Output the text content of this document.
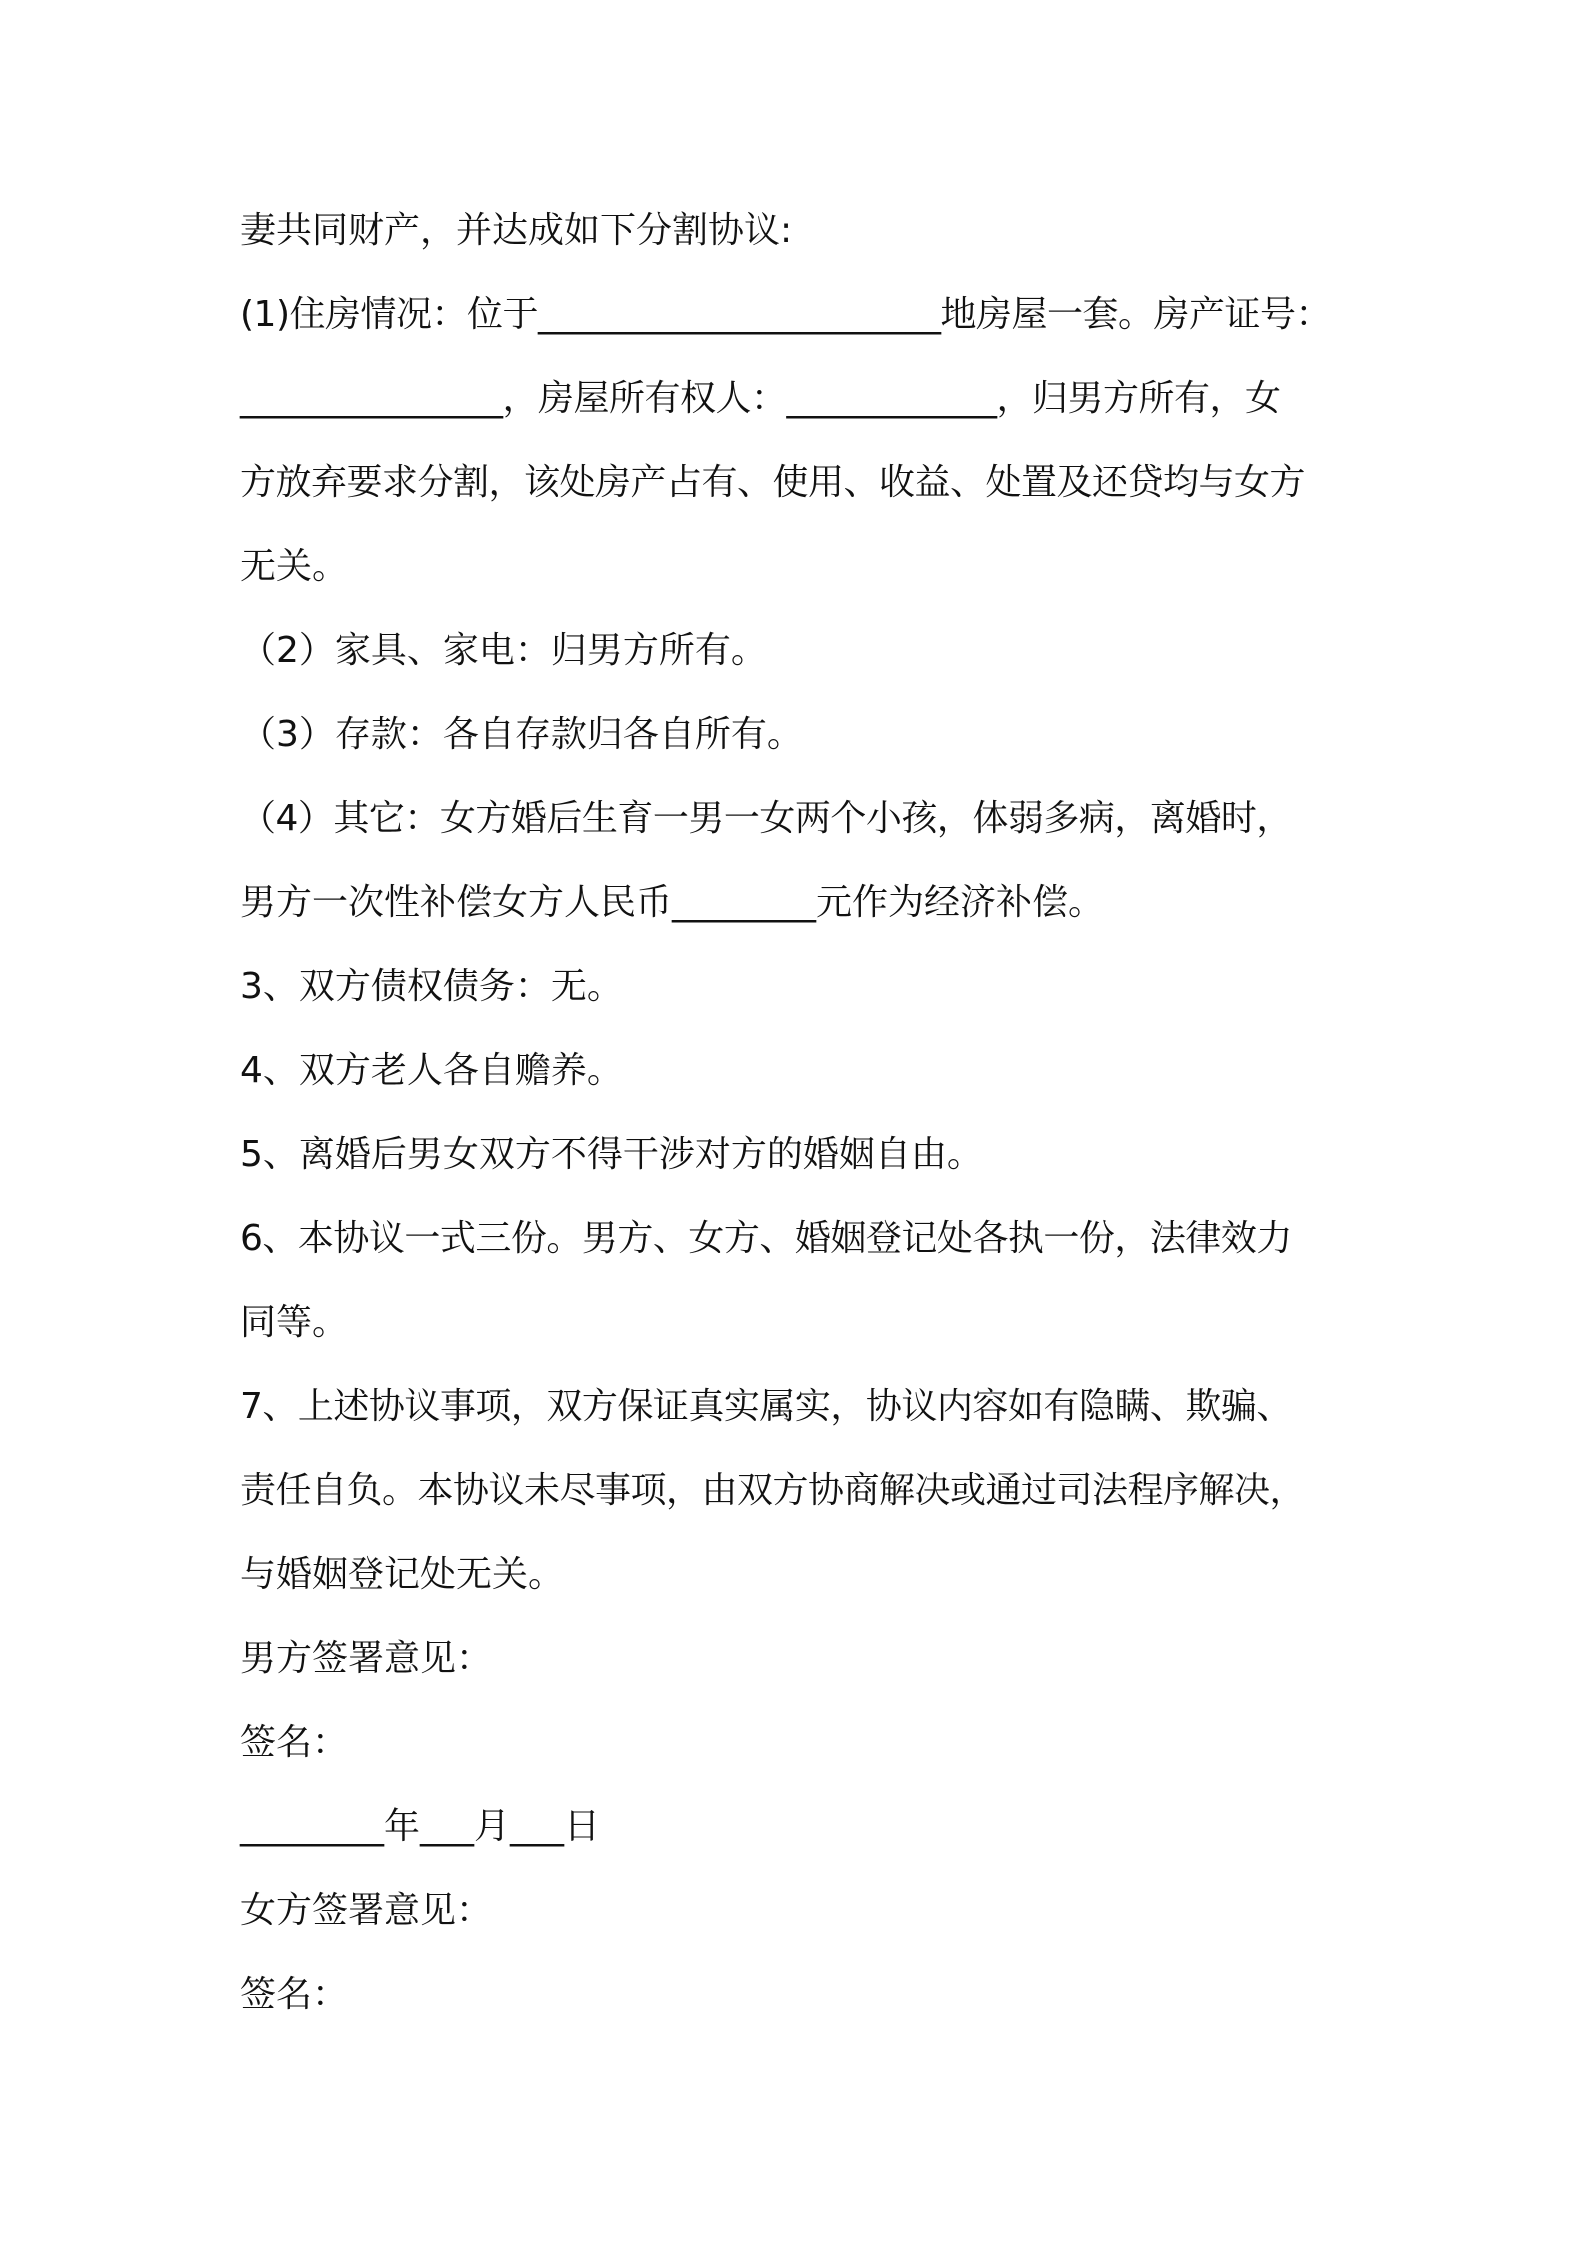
妻共同财产，并达成如下分割协议:
(1)住房情况：位于_______________________地房屋一套。房产证号：
_______________，房屋所有权人：____________，归男方所有，女
方放弃要求分割，该处房产占有、使用、收益、处置及还贷均与女方
无关。
（2）家具、家电：归男方所有。
（3）存款：各自存款归各自所有。
（4）其它：女方婚后生育一男一女两个小孩，体弱多病，离婚时，
男方一次性补偿女方人民币________元作为经济补偿。
3、双方债权债务：无。
4、双方老人各自赡养。
5、离婚后男女双方不得干涉对方的婚姻自由。
6、本协议一式三份。男方、女方、婚姻登记处各执一份，法律效力
同等。
7、上述协议事项，双方保证真实属实，协议内容如有隐瞒、欺骗、
责任自负。本协议未尽事项，由双方协商解决或通过司法程序解决，
与婚姻登记处无关。
男方签署意见：
签名：
________年___月___日
女方签署意见：
签名：
